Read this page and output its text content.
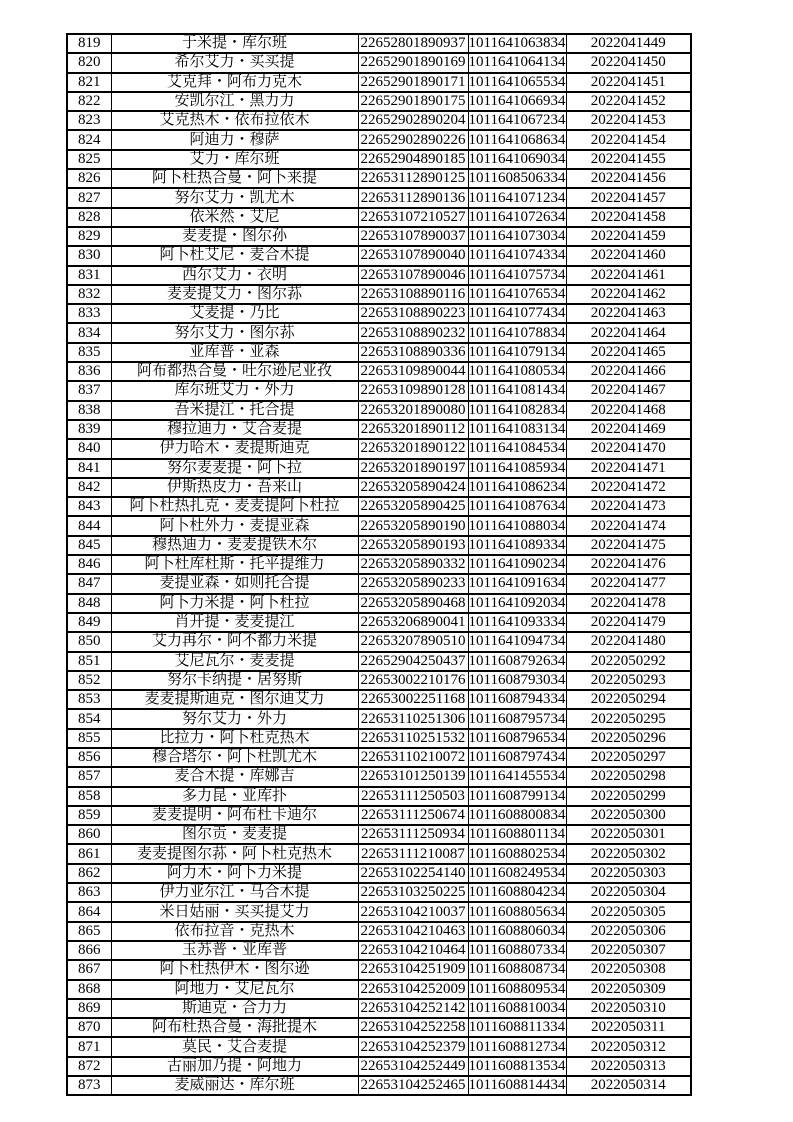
819	于米提・库尔班	22652801890937	1011641063834	2022041449
820	希尔艾力・买买提	22652901890169	1011641064134	2022041450
821	艾克拜・阿布力克木	22652901890171	1011641065534	2022041451
822	安凯尔江・黑力力	22652901890175	1011641066934	2022041452
823	艾克热木・依布拉依木	22652902890204	1011641067234	2022041453
824	阿迪力・穆萨	22652902890226	1011641068634	2022041454
825	艾力・库尔班	22652904890185	1011641069034	2022041455
826	阿卜杜热合曼・阿卜来提	22653112890125	1011608506334	2022041456
827	努尔艾力・凯尤木	22653112890136	1011641071234	2022041457
828	依米然・艾尼	22653107210527	1011641072634	2022041458
829	麦麦提・图尔孙	22653107890037	1011641073034	2022041459
830	阿卜杜艾尼・麦合木提	22653107890040	1011641074334	2022041460
831	西尔艾力・衣明	22653107890046	1011641075734	2022041461
832	麦麦提艾力・图尔荪	22653108890116	1011641076534	2022041462
833	艾麦提・乃比	22653108890223	1011641077434	2022041463
834	努尔艾力・图尔荪	22653108890232	1011641078834	2022041464
835	亚库普・亚森	22653108890336	1011641079134	2022041465
836	阿布都热合曼・吐尔逊尼亚孜	22653109890044	1011641080534	2022041466
837	库尔班艾力・外力	22653109890128	1011641081434	2022041467
838	吾米提江・托合提	22653201890080	1011641082834	2022041468
839	穆拉迪力・艾合麦提	22653201890112	1011641083134	2022041469
840	伊力哈木・麦提斯迪克	22653201890122	1011641084534	2022041470
841	努尔麦麦提・阿卜拉	22653201890197	1011641085934	2022041471
842	伊斯热皮力・吾来山	22653205890424	1011641086234	2022041472
843	阿卜杜热扎克・麦麦提阿卜杜拉	22653205890425	1011641087634	2022041473
844	阿卜杜外力・麦提亚森	22653205890190	1011641088034	2022041474
845	穆热迪力・麦麦提铁木尔	22653205890193	1011641089334	2022041475
846	阿卜杜库杜斯・托平提维力	22653205890332	1011641090234	2022041476
847	麦提亚森・如则托合提	22653205890233	1011641091634	2022041477
848	阿卜力米提・阿卜杜拉	22653205890468	1011641092034	2022041478
849	肖开提・麦麦提江	22653206890041	1011641093334	2022041479
850	艾力再尔・阿不都力米提	22653207890510	1011641094734	2022041480
851	艾尼瓦尔・麦麦提	22652904250437	1011608792634	2022050292
852	努尔卡纳提・居努斯	22653002210176	1011608793034	2022050293
853	麦麦提斯迪克・图尔迪艾力	22653002251168	1011608794334	2022050294
854	努尔艾力・外力	22653110251306	1011608795734	2022050295
855	比拉力・阿卜杜克热木	22653110251532	1011608796534	2022050296
856	穆合塔尔・阿卜杜凯尤木	22653110210072	1011608797434	2022050297
857	麦合木提・库娜吉	22653101250139	1011641455534	2022050298
858	多力昆・亚库扑	22653111250503	1011608799134	2022050299
859	麦麦提明・阿布杜卡迪尔	22653111250674	1011608800834	2022050300
860	图尔贡・麦麦提	22653111250934	1011608801134	2022050301
861	麦麦提图尔荪・阿卜杜克热木	22653111210087	1011608802534	2022050302
862	阿力木・阿卜力米提	22653102254140	1011608249534	2022050303
863	伊力亚尔江・马合木提	22653103250225	1011608804234	2022050304
864	米日姑丽・买买提艾力	22653104210037	1011608805634	2022050305
865	依布拉音・克热木	22653104210463	1011608806034	2022050306
866	玉苏普・亚库普	22653104210464	1011608807334	2022050307
867	阿卜杜热伊木・图尔逊	22653104251909	1011608808734	2022050308
868	阿地力・艾尼瓦尔	22653104252009	1011608809534	2022050309
869	斯迪克・合力力	22653104252142	1011608810034	2022050310
870	阿布杜热合曼・海批提木	22653104252258	1011608811334	2022050311
871	莫民・艾合麦提	22653104252379	1011608812734	2022050312
872	古丽加乃提・阿地力	22653104252449	1011608813534	2022050313
873	麦威丽达・库尔班	22653104252465	1011608814434	2022050314
